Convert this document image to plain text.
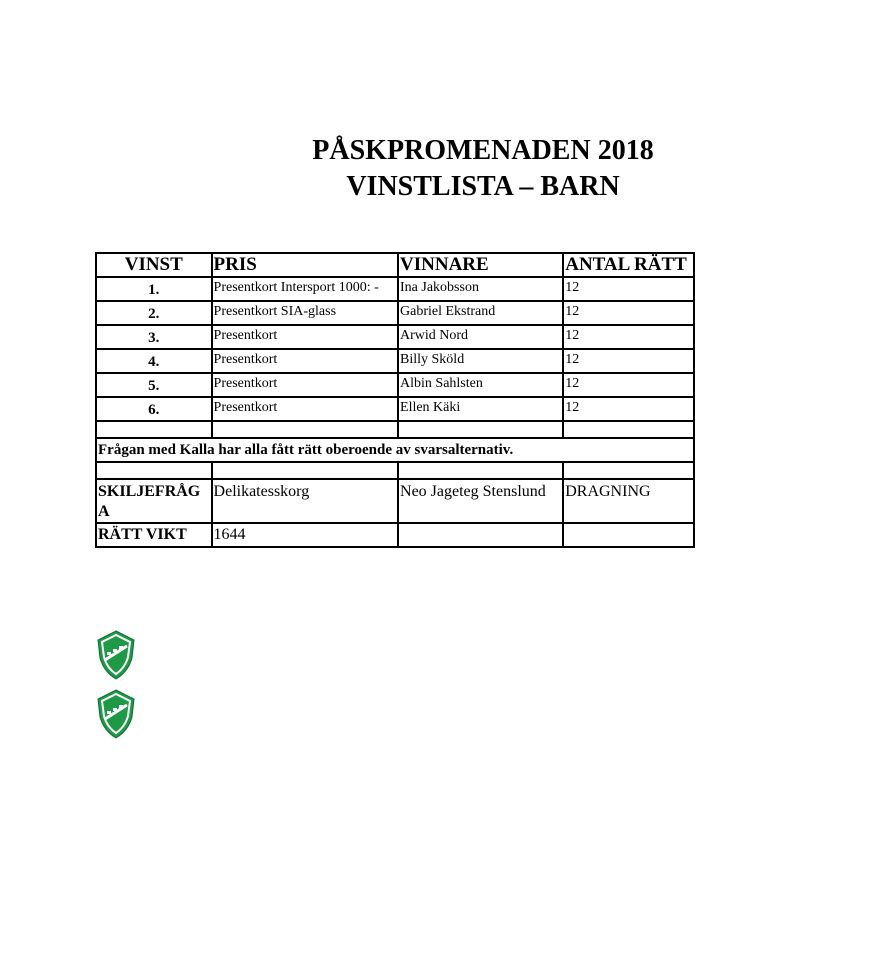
PÅSKPROMENADEN 2018
VINSTLISTA – BARN
VINST	PRIS	VINNARE	ANTAL RÄTT
1.	Presentkort Intersport 1000: -	Ina Jakobsson	12
2.	Presentkort SIA-glass	Gabriel Ekstrand	12
3.	Presentkort	Arwid Nord	12
4.	Presentkort	Billy Sköld	12
5.	Presentkort	Albin Sahlsten	12
6.	Presentkort	Ellen Käki	12

Frågan med Kalla har alla fått rätt oberoende av svarsalternativ.			

SKILJEFRÅGA	Delikatesskorg	Neo Jageteg Stenslund	DRAGNING
RÄTT VIKT	1644		
